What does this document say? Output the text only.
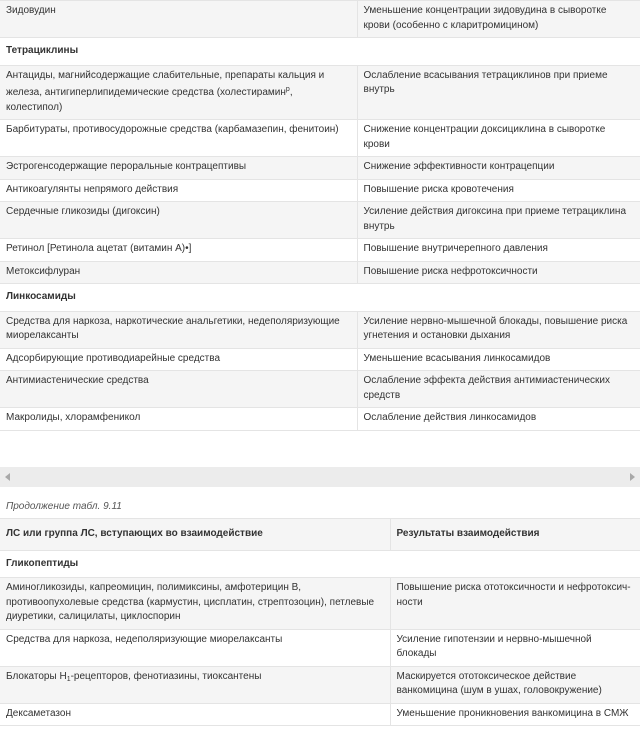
Зидовудин	Уменьшение концентрации зидовудина в сыворотке крови (особенно с кларитромицином)
Тетрациклины	
Антациды, магнийсодержащие слабительные, препараты кальция и железа, антигиперлипидемические средства (холестирамин$^р$, колестипол)	Ослабление всасывания тетрациклинов при приеме внутрь
Барбитураты, противосудорожные средства (карбамазепин, фенитоин)	Снижение концентрации доксициклина в сыворотке крови
Эстрогенсодержащие пероральные контрацептивы	Снижение эффективности контрацепции
Антикоагулянты непрямого действия	Повышение риска кровотечения
Сердечные гликозиды (дигоксин)	Усиление действия дигоксина при приеме тетрациклина внутрь
Ретинол [Ретинола ацетат (витамин А)•]	Повышение внутричерепного давления
Метоксифлуран	Повышение риска нефротоксичности
Линкосамиды	
Средства для наркоза, наркотические анальгетики, недеполяризующие миорелаксанты	Усиление нервно-мышечной блокады, повышение риска угнетения и остановки дыхания
Адсорбирующие противодиарейные средства	Уменьшение всасывания линкосамидов
Антимиастенические средства	Ослабление эффекта действия антимиастенических средств
Макролиды, хлорамфеникол	Ослабление действия линкосамидов
Продолжение табл. 9.11
ЛС или группа ЛС, вступающих во взаимодействие	Результаты взаимодействия
Гликопептиды	
Аминогликозиды, капреомицин, полимиксины, амфотерицин В, противоопухолевые средства (кармустин, цисплатин, стрептозоцин), петлевые диуретики, салицилаты, циклоспорин	Повышение риска ототоксичности и нефротоксич-ности
Средства для наркоза, недеполяризующие миорелаксанты	Усиление гипотензии и нервно-мышечной блокады
Блокаторы $H_1$-рецепторов, фенотиазины, тиоксантены	Маскируется ототоксическое действие ванкомицина (шум в ушах, головокружение)
Дексаметазон	Уменьшение проникновения ванкомицина в СМЖ
